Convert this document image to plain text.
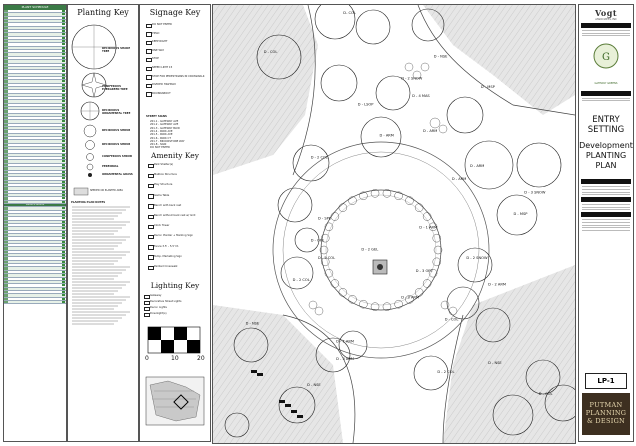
PLANT SCHEDULE
SHRUB SCHEDULE
Planting Key
DECIDUOUS SHADE TREE
CONIFEROUS EVERGREEN TREE
DECIDUOUS ORNAMENTAL TREE
DECIDUOUS SHRUB
DECIDUOUS SHRUB
CONIFEROUS SHRUB
PERENNIAL
ORNAMENTAL GRASS
SEEDED OR PLANTED AREA
PLANTING PLAN NOTES
Signage Key
DO NOT ENTER
YIELD
KEEP RIGHT
ONE WAY
STOP
SPEED LIMIT 15
STOP FOR PEDESTRIANS IN CROSSWALK
DIVIDED HIGHWAY
ROUNDABOUT
STREET SIGNS
201.1 - GATEWAY AVE
201.2 - GATEWAY AVE
201.3 - GATEWAY BLVD
201.4 - PARK AVE
201.5 - PARK AVE
201.6 - PARK CT
201.7 - BROOKSTONE WAY
201.8 - SIGN
DO NOT ENTER
Amenity Key
Park Shelter(s)
Mailbox Structure
Play Structure
Game Table
Bench with back rest
Bench without back rest w/ Grill
Clock Tower
Decor. Planter + Marking Sign
Fence 3.5' - 5.5' ht.
Temp. Marketing Sign
Painted Crosswalk
Lighting Key
Gateway
Decorative Street Lights
Decor. Lights
Downlight(s)
0	10	20
D- COL
D - COL
D - 2 SNOW
D - NSE
D - 4 MAS
D - LSOP
D - MSP
D - ARM
D - ARM
D - 2 COL
D - ARM
D - ARM
D - 3 SNOW
D - MSP
D - SPE
D - OFE
D - 2 COL
D - 2 GEL
D - 1 ARM
D - 2 COL
D - 3 OFE
D - 3 ARM
D - 2 SNOW
D - 2 ARM
D - COL
D - 2 COL
D - 1 ARM
D - 3 ARM
D - NSE
D - NSE
D - NSE
D - COL
Vogt
ASSOCIATES, INC
G
GATEWAY GREENS
ENTRY SETTING
Development PLANTING PLAN
LP-1
PUTMAN PLANNING & DESIGN
